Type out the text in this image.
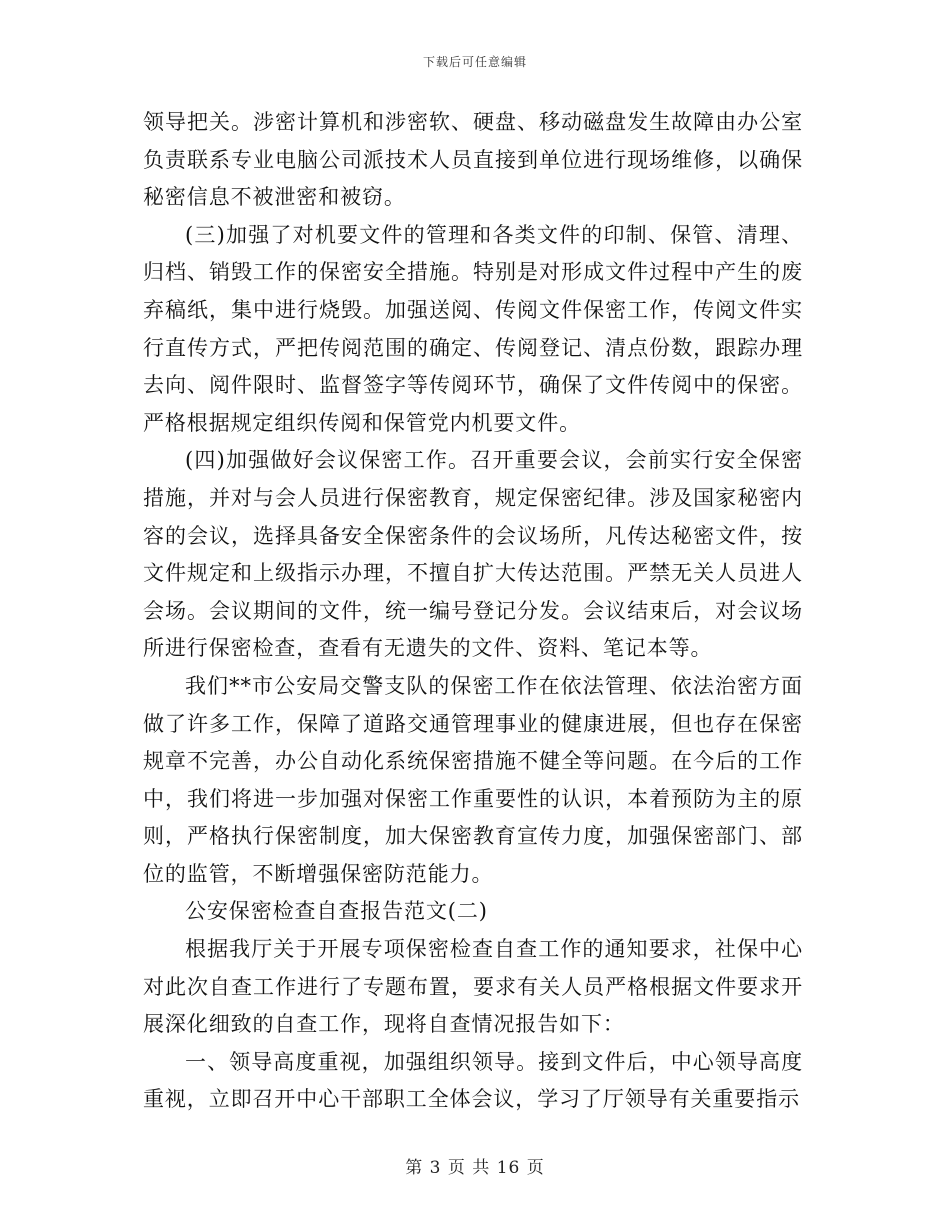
下载后可任意编辑

领导把关。涉密计算机和涉密软、硬盘、移动磁盘发生故障由办公室负责联系专业电脑公司派技术人员直接到单位进行现场维修，以确保秘密信息不被泄密和被窃。

(三)加强了对机要文件的管理和各类文件的印制、保管、清理、归档、销毁工作的保密安全措施。特别是对形成文件过程中产生的废弃稿纸，集中进行烧毁。加强送阅、传阅文件保密工作，传阅文件实行直传方式，严把传阅范围的确定、传阅登记、清点份数，跟踪办理去向、阅件限时、监督签字等传阅环节，确保了文件传阅中的保密。严格根据规定组织传阅和保管党内机要文件。

(四)加强做好会议保密工作。召开重要会议，会前实行安全保密措施，并对与会人员进行保密教育，规定保密纪律。涉及国家秘密内容的会议，选择具备安全保密条件的会议场所，凡传达秘密文件，按文件规定和上级指示办理，不擅自扩大传达范围。严禁无关人员进人会场。会议期间的文件，统一编号登记分发。会议结束后，对会议场所进行保密检查，查看有无遗失的文件、资料、笔记本等。

我们**市公安局交警支队的保密工作在依法管理、依法治密方面做了许多工作，保障了道路交通管理事业的健康进展，但也存在保密规章不完善，办公自动化系统保密措施不健全等问题。在今后的工作中，我们将进一步加强对保密工作重要性的认识，本着预防为主的原则，严格执行保密制度，加大保密教育宣传力度，加强保密部门、部位的监管，不断增强保密防范能力。

公安保密检查自查报告范文(二)

根据我厅关于开展专项保密检查自查工作的通知要求，社保中心对此次自查工作进行了专题布置，要求有关人员严格根据文件要求开展深化细致的自查工作，现将自查情况报告如下：

一、领导高度重视，加强组织领导。接到文件后，中心领导高度重视，立即召开中心干部职工全体会议，学习了厅领导有关重要指示

第 3 页 共 16 页
